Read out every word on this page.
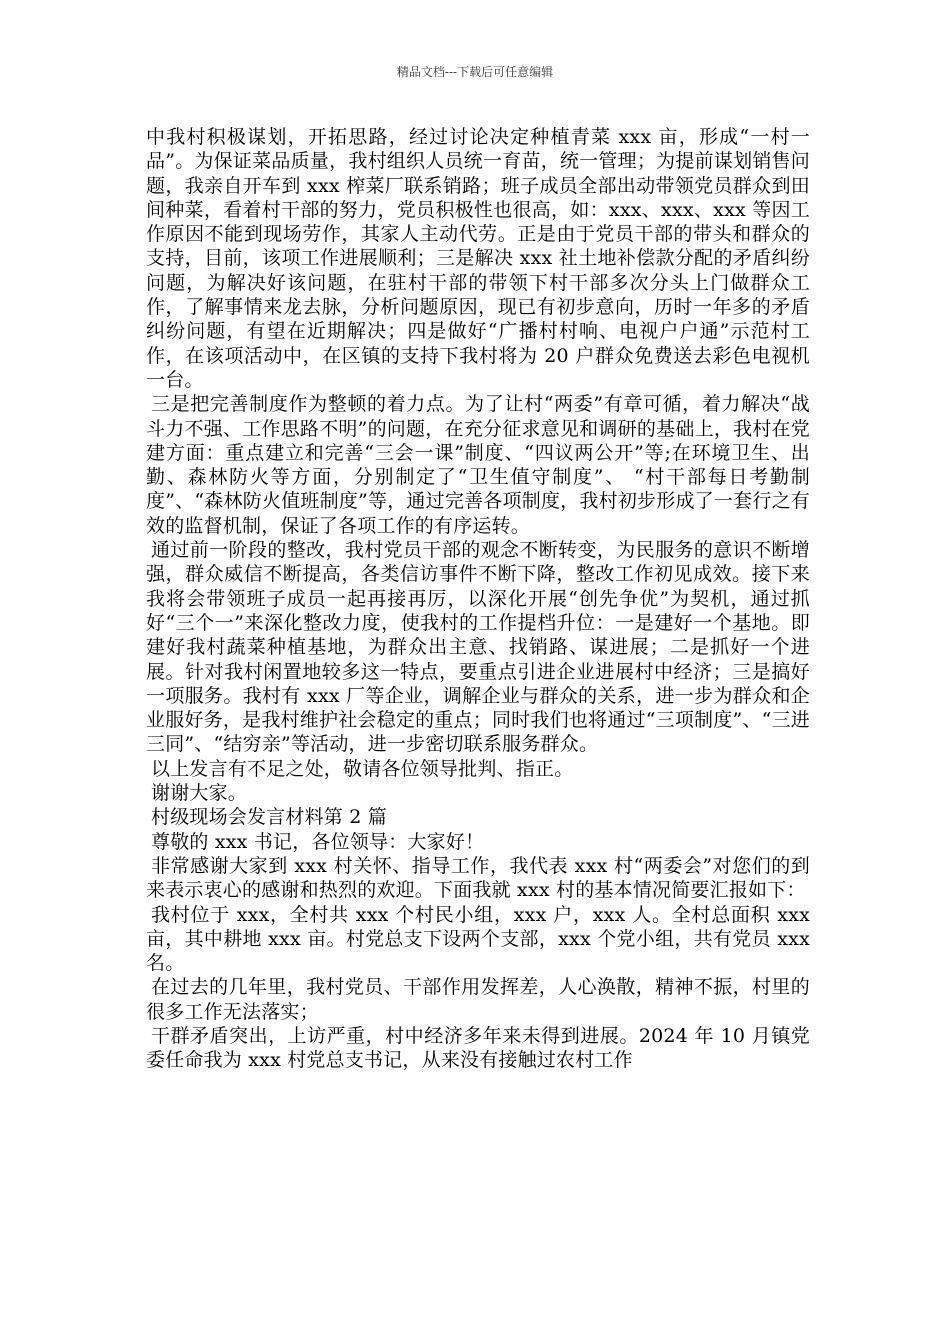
精品文档---下载后可任意编辑

中我村积极谋划，开拓思路，经过讨论决定种植青菜 xxx 亩，形成“一村一品”。为保证菜品质量，我村组织人员统一育苗，统一管理；为提前谋划销售问题，我亲自开车到 xxx 榨菜厂联系销路；班子成员全部出动带领党员群众到田间种菜，看着村干部的努力，党员积极性也很高，如：xxx、xxx、xxx 等因工作原因不能到现场劳作，其家人主动代劳。正是由于党员干部的带头和群众的支持，目前，该项工作进展顺利；三是解决 xxx 社土地补偿款分配的矛盾纠纷问题，为解决好该问题，在驻村干部的带领下村干部多次分头上门做群众工作，了解事情来龙去脉，分析问题原因，现已有初步意向，历时一年多的矛盾纠纷问题，有望在近期解决；四是做好“广播村村响、电视户户通”示范村工作，在该项活动中，在区镇的支持下我村将为 20 户群众免费送去彩色电视机一台。

三是把完善制度作为整顿的着力点。为了让村“两委”有章可循，着力解决“战斗力不强、工作思路不明”的问题，在充分征求意见和调研的基础上，我村在党建方面：重点建立和完善“三会一课”制度、“四议两公开”等;在环境卫生、出勤、森林防火等方面，分别制定了“卫生值守制度”、 “村干部每日考勤制度”、“森林防火值班制度”等，通过完善各项制度，我村初步形成了一套行之有效的监督机制，保证了各项工作的有序运转。

通过前一阶段的整改，我村党员干部的观念不断转变，为民服务的意识不断增强，群众威信不断提高，各类信访事件不断下降，整改工作初见成效。接下来我将会带领班子成员一起再接再厉，以深化开展“创先争优”为契机，通过抓好“三个一”来深化整改力度，使我村的工作提档升位：一是建好一个基地。即建好我村蔬菜种植基地，为群众出主意、找销路、谋进展；二是抓好一个进展。针对我村闲置地较多这一特点，要重点引进企业进展村中经济；三是搞好一项服务。我村有 xxx 厂等企业，调解企业与群众的关系，进一步为群众和企业服好务，是我村维护社会稳定的重点；同时我们也将通过“三项制度”、“三进三同”、“结穷亲”等活动，进一步密切联系服务群众。

以上发言有不足之处，敬请各位领导批判、指正。

谢谢大家。

村级现场会发言材料第 2 篇

尊敬的 xxx 书记，各位领导：大家好！

非常感谢大家到 xxx 村关怀、指导工作，我代表 xxx 村“两委会”对您们的到来表示衷心的感谢和热烈的欢迎。下面我就 xxx 村的基本情况简要汇报如下：

我村位于 xxx，全村共 xxx 个村民小组，xxx 户，xxx 人。全村总面积 xxx 亩，其中耕地 xxx 亩。村党总支下设两个支部，xxx 个党小组，共有党员 xxx 名。

在过去的几年里，我村党员、干部作用发挥差，人心涣散，精神不振，村里的很多工作无法落实；

干群矛盾突出，上访严重，村中经济多年来未得到进展。2024 年 10 月镇党委任命我为 xxx 村党总支书记，从来没有接触过农村工作
